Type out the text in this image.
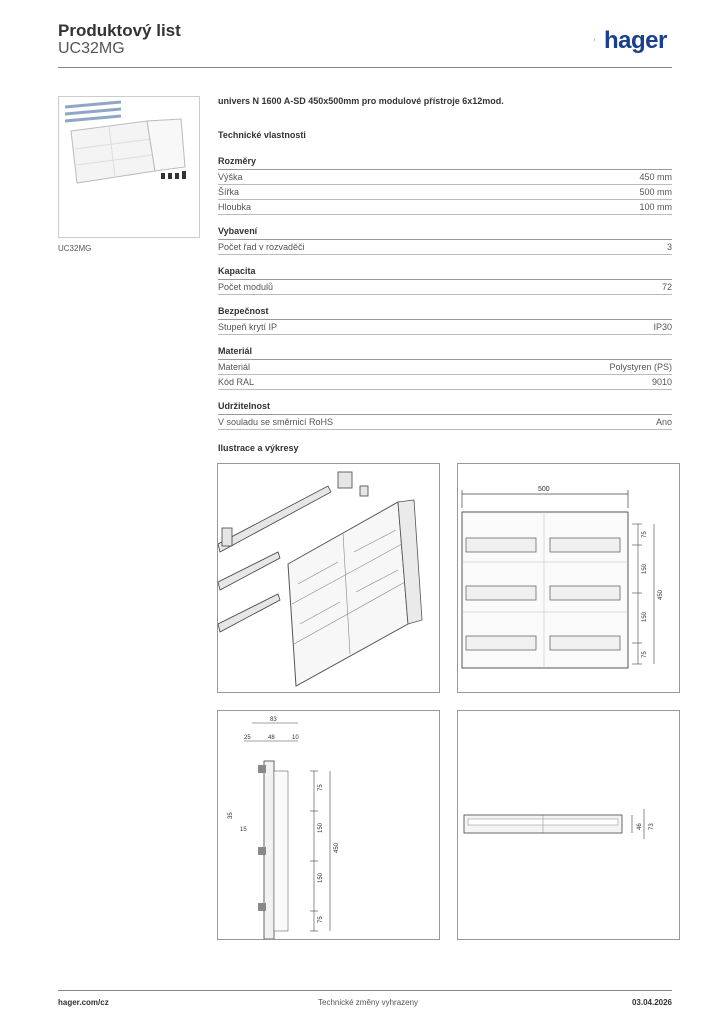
Produktový list
UC32MG	hager
UC32MG
univers N 1600 A-SD 450x500mm pro modulové přístroje 6x12mod.
Technické vlastnosti
Rozměry
Výška	450 mm
Šířka	500 mm
Hloubka	100 mm
Vybavení
Počet řad v rozvaděči	3
Kapacita
Počet modulů	72
Bezpečnost
Stupeň krytí IP	IP30
Materiál
Materiál	Polystyren (PS)
Kód RAL	9010
Udržitelnost
V souladu se směrnicí RoHS	Ano
Ilustrace a výkresy
500
75
150
150
75
450
83
25	48	10
35
15
75
150
150
75
450
46 73
hager.com/cz	Technické změny vyhrazeny	03.04.2026
